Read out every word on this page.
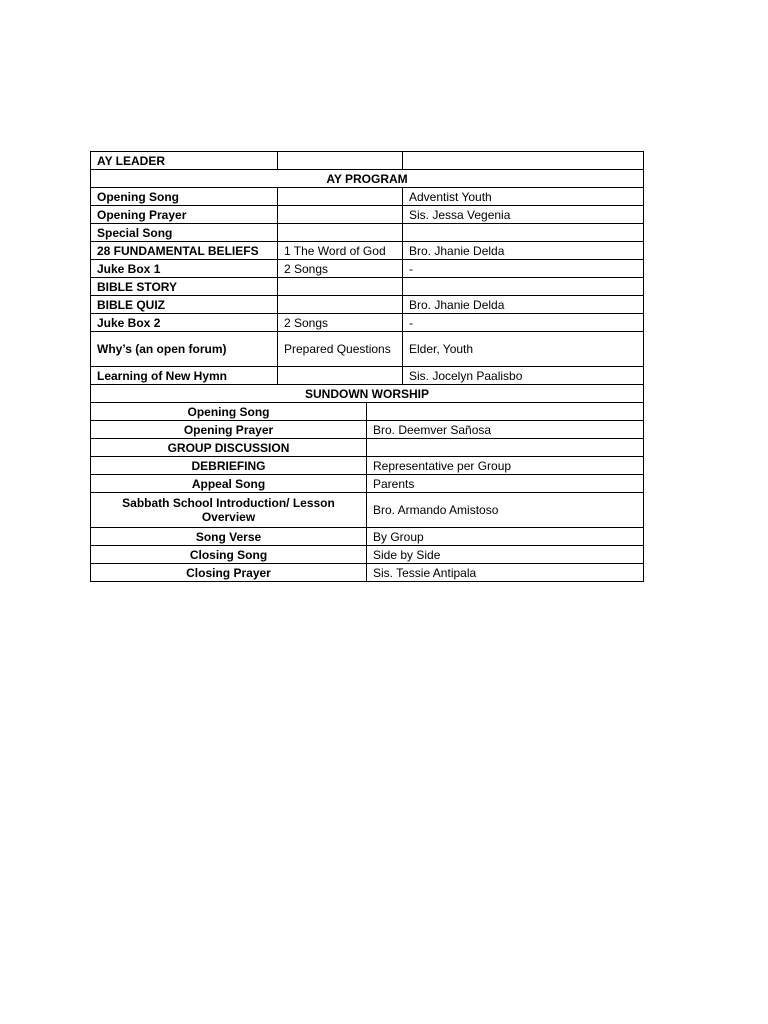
AY LEADER			
AY PROGRAM			
Opening Song			Adventist Youth
Opening Prayer			Sis. Jessa Vegenia
Special Song			
28 FUNDAMENTAL BELIEFS	1 The Word of God		Bro. Jhanie Delda
Juke Box 1	2 Songs		-
BIBLE STORY			
BIBLE QUIZ			Bro. Jhanie Delda
Juke Box 2	2 Songs		-
Why’s (an open forum)	Prepared Questions		Elder, Youth
Learning of New Hymn			Sis. Jocelyn Paalisbo
SUNDOWN WORSHIP			
Opening Song			
Opening Prayer		Bro. Deemver Sañosa	
GROUP DISCUSSION			
DEBRIEFING		Representative per Group	
Appeal Song		Parents	
Sabbath School Introduction/ Lesson Overview		Bro. Armando Amistoso	
Song Verse		By Group	
Closing Song		Side by Side	
Closing Prayer		Sis. Tessie Antipala	
